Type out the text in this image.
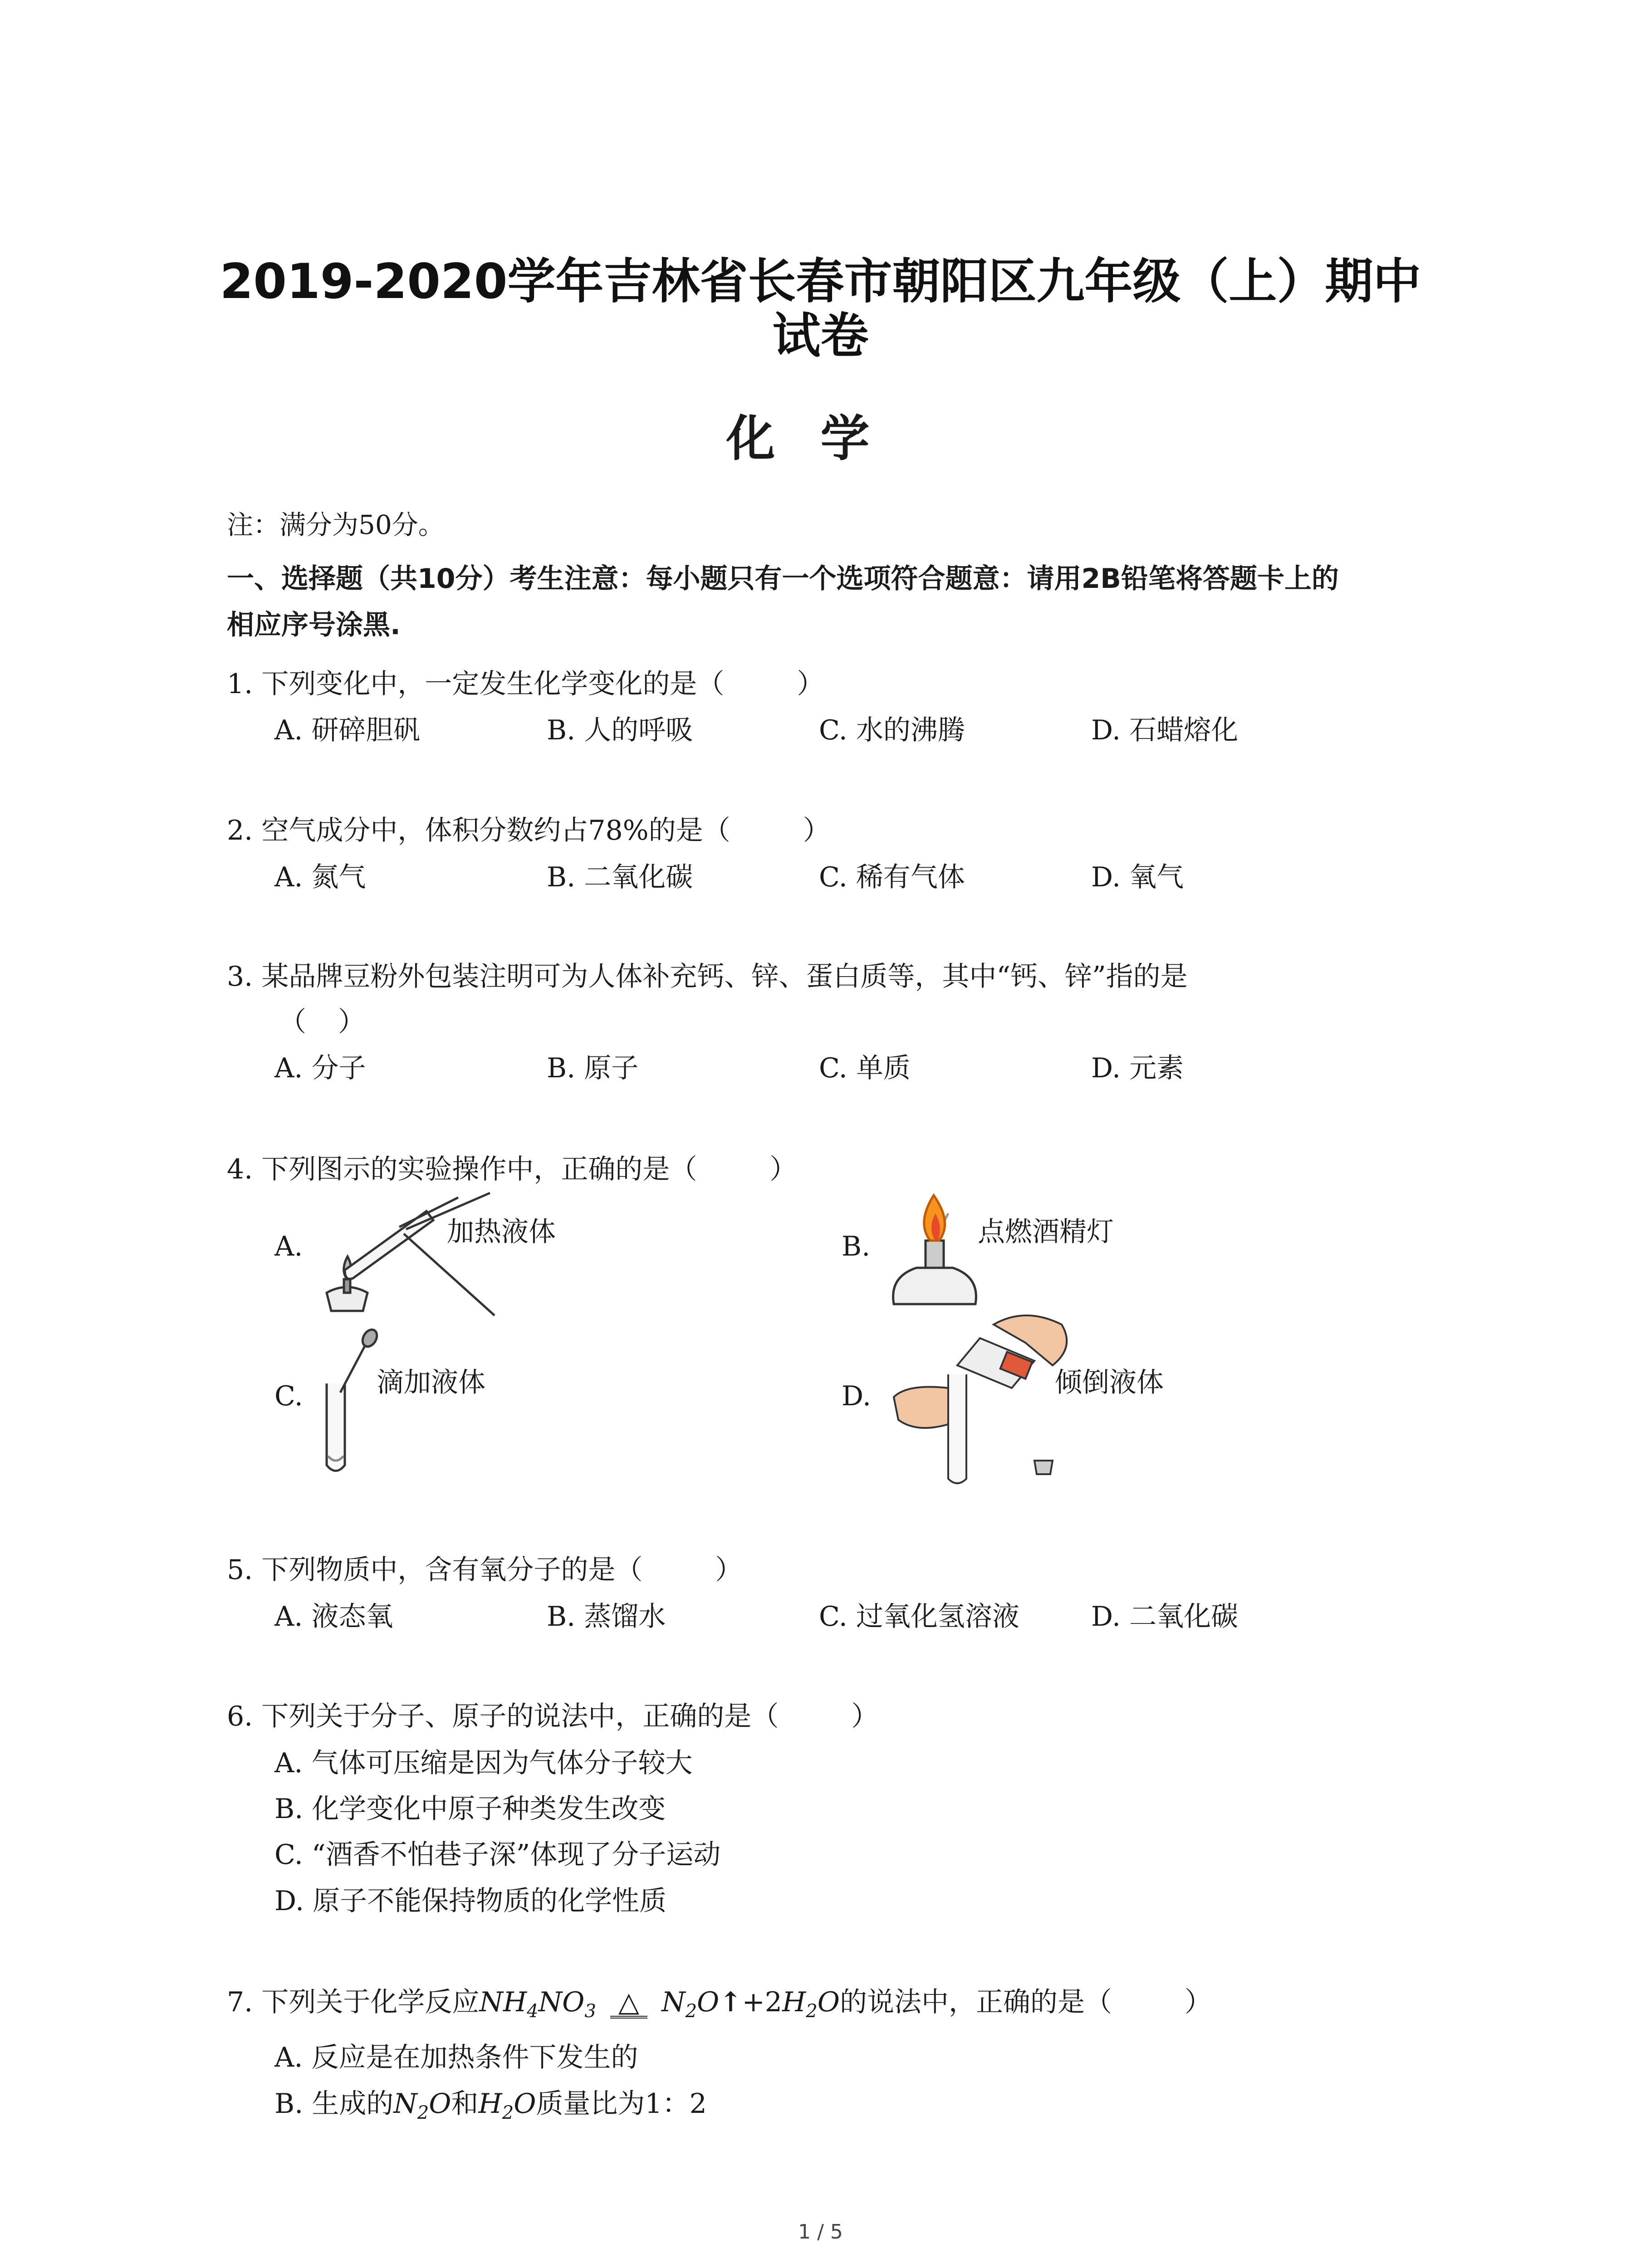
2019-2020学年吉林省长春市朝阳区九年级（上）期中
试卷
化学
注：满分为50分。
一、选择题（共10分）考生注意：每小题只有一个选项符合题意：请用2B铅笔将答题卡上的
相应序号涂黑.
1. 下列变化中，一定发生化学变化的是（	）
A. 研碎胆矾	B. 人的呼吸	C. 水的沸腾	D. 石蜡熔化
2. 空气成分中，体积分数约占78%的是（	）
A. 氮气	B. 二氧化碳	C. 稀有气体	D. 氧气
3. 某品牌豆粉外包装注明可为人体补充钙、锌、蛋白质等，其中“钙、锌”指的是
（ ）
A. 分子	B. 原子	C. 单质	D. 元素
4. 下列图示的实验操作中，正确的是（	）
A.	加热液体	B.	点燃酒精灯
C.	滴加液体	D.	倾倒液体
5. 下列物质中，含有氧分子的是（	）
A. 液态氧	B. 蒸馏水	C. 过氧化氢溶液	D. 二氧化碳
6. 下列关于分子、原子的说法中，正确的是（	）
A. 气体可压缩是因为气体分子较大
B. 化学变化中原子种类发生改变
C. “酒香不怕巷子深”体现了分子运动
D. 原子不能保持物质的化学性质
7. 下列关于化学反应$NH_4NO_3$ △ $N_2O↑+2H_2O$的说法中，正确的是（	）
A. 反应是在加热条件下发生的
B. 生成的$N_2O$和$H_2O$质量比为1：2
1 / 5
